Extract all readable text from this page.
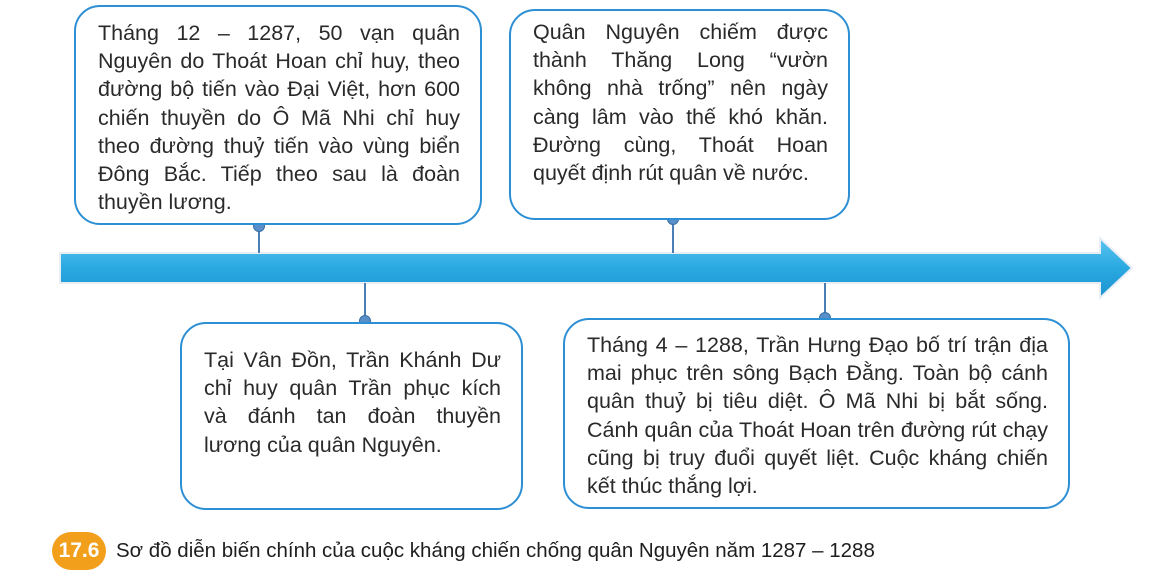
Tháng 12 – 1287, 50 vạn quân Nguyên do Thoát Hoan chỉ huy, theo đường bộ tiến vào Đại Việt, hơn 600 chiến thuyền do Ô Mã Nhi chỉ huy theo đường thuỷ tiến vào vùng biển Đông Bắc. Tiếp theo sau là đoàn thuyền lương.

Tại Vân Đồn, Trần Khánh Dư chỉ huy quân Trần phục kích và đánh tan đoàn thuyền lương của quân Nguyên.

Quân Nguyên chiếm được thành Thăng Long “vườn không nhà trống” nên ngày càng lâm vào thế khó khăn. Đường cùng, Thoát Hoan quyết định rút quân về nước.

Tháng 4 – 1288, Trần Hưng Đạo bố trí trận địa mai phục trên sông Bạch Đằng. Toàn bộ cánh quân thuỷ bị tiêu diệt. Ô Mã Nhi bị bắt sống. Cánh quân của Thoát Hoan trên đường rút chạy cũng bị truy đuổi quyết liệt. Cuộc kháng chiến kết thúc thắng lợi.

17.6 Sơ đồ diễn biến chính của cuộc kháng chiến chống quân Nguyên năm 1287 – 1288
